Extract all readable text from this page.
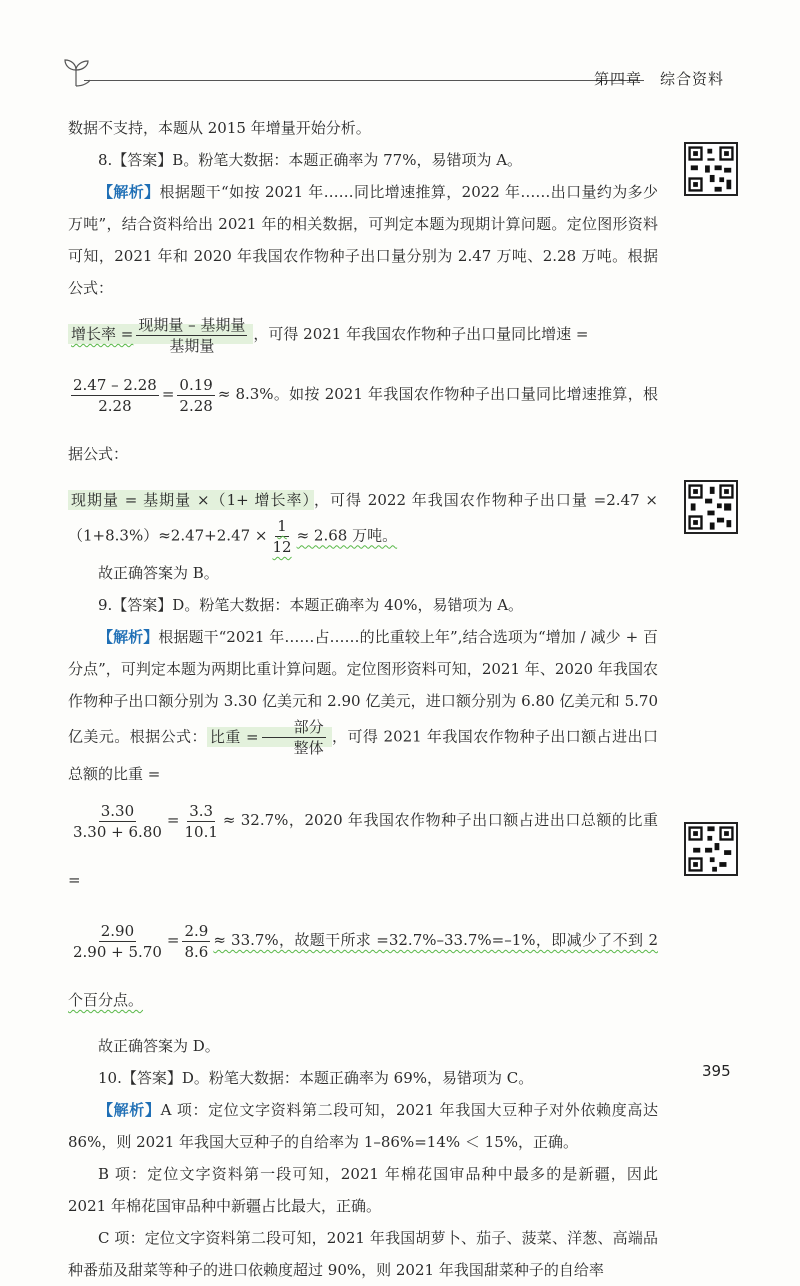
第四章 综合资料

数据不支持，本题从 2015 年增量开始分析。

8.【答案】B。粉笔大数据：本题正确率为 77%，易错项为 A。

【解析】根据题干“如按 2021 年……同比增速推算，2022 年……出口量约为多少万吨”，结合资料给出 2021 年的相关数据，可判定本题为现期计算问题。定位图形资料可知，2021 年和 2020 年我国农作物种子出口量分别为 2.47 万吨、2.28 万吨。根据公式：

增长率 = $\frac{\text{现期量 – 基期量}}{\text{基期量}}$ ，可得 2021 年我国农作物种子出口量同比增速 =

$\frac{2.47 - 2.28}{2.28} = \frac{0.19}{2.28} \approx 8.3\%$。如按 2021 年我国农作物种子出口量同比增速推算，根据公式：

现期量 = 基期量 ×（1+ 增长率） ，可得 2022 年我国农作物种子出口量 $=2.47 \times(1+8.3\%)\approx 2.47+2.47 \times \frac{1}{12} \approx 2.68$ 万吨。

故正确答案为 B。

9.【答案】D。粉笔大数据：本题正确率为 40%，易错项为 A。

【解析】根据题干“2021 年……占……的比重较上年”,结合选项为“增加 / 减少 + 百分点”，可判定本题为两期比重计算问题。定位图形资料可知，2021 年、2020 年我国农作物种子出口额分别为 3.30 亿美元和 2.90 亿美元，进口额分别为 6.80 亿美元和 5.70 亿美元。根据公式： 比重 = $\frac{\text{部分}}{\text{整体}}$ ，可得 2021 年我国农作物种子出口额占进出口总额的比重 =

$\frac{3.30}{3.30 + 6.80} = \frac{3.3}{10.1} \approx 32.7\%$，2020 年我国农作物种子出口额占进出口总额的比重 =

$\frac{2.90}{2.90 + 5.70} = \frac{2.9}{8.6} \approx 33.7\%$，故题干所求 =32.7%–33.7%=–1%，即减少了不到 2 个百分点。

故正确答案为 D。

10.【答案】D。粉笔大数据：本题正确率为 69%，易错项为 C。

【解析】A 项：定位文字资料第二段可知，2021 年我国大豆种子对外依赖度高达 86%，则 2021 年我国大豆种子的自给率为 1–86%=14% ＜ 15%，正确。

B 项：定位文字资料第一段可知，2021 年棉花国审品种中最多的是新疆，因此 2021 年棉花国审品种中新疆占比最大，正确。

C 项：定位文字资料第二段可知，2021 年我国胡萝卜、茄子、菠菜、洋葱、高端品种番茄及甜菜等种子的进口依赖度超过 90%，则 2021 年我国甜菜种子的自给率

395
